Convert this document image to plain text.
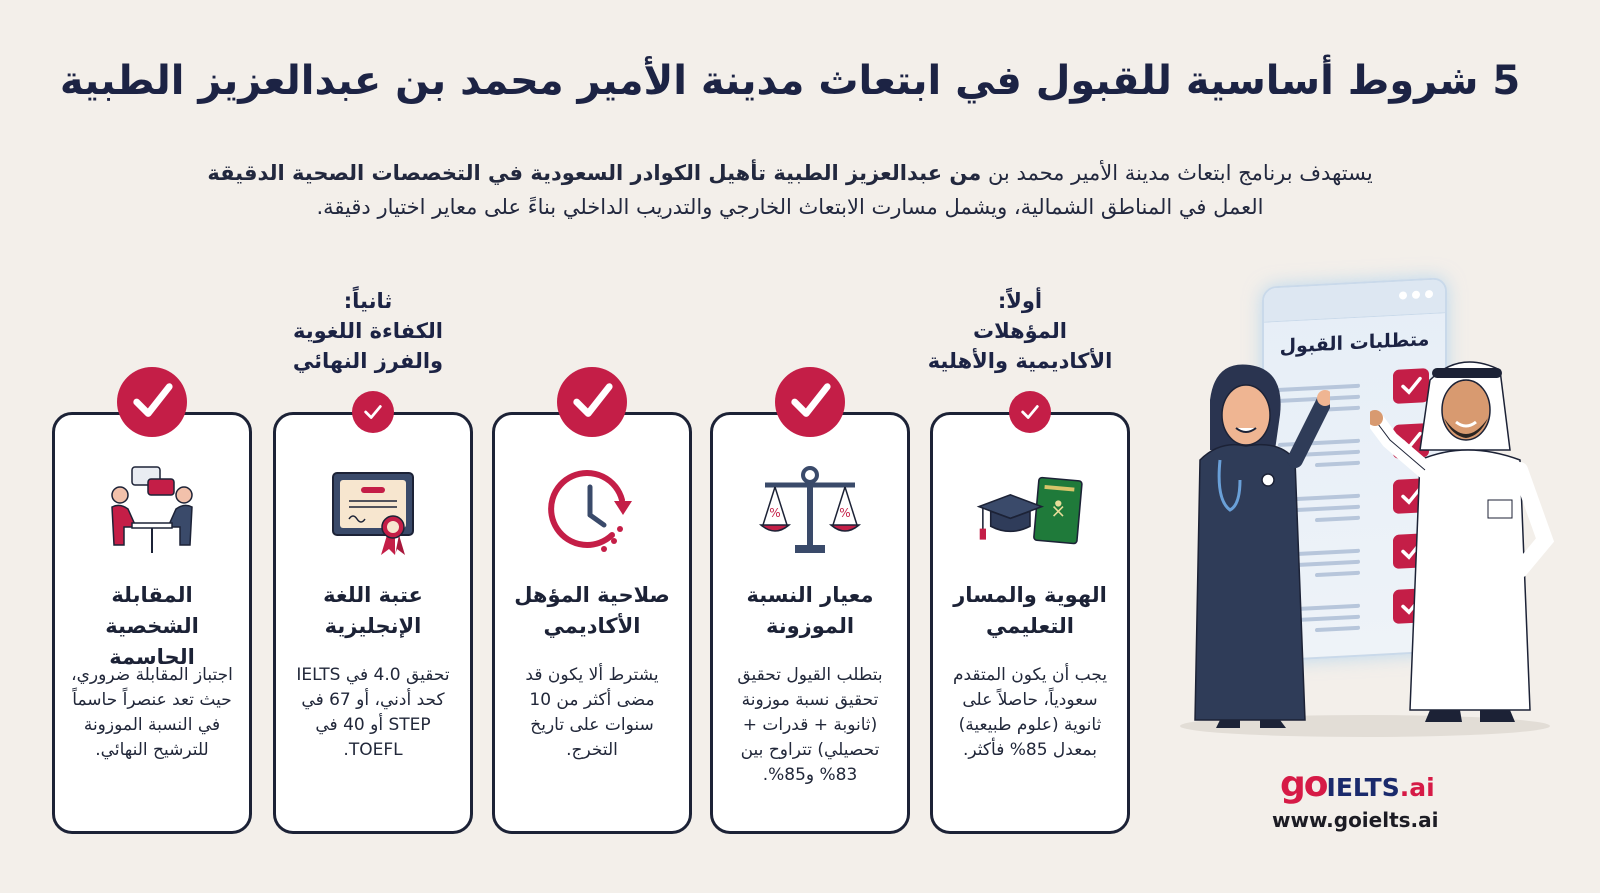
5 شروط أساسية للقبول في ابتعاث مدينة الأمير محمد بن عبدالعزيز الطبية

يستهدف برنامج ابتعاث مدينة الأمير محمد بن من عبدالعزيز الطبية تأهيل الكوادر السعودية في التخصصات الصحية الدقيقة
العمل في المناطق الشمالية، ويشمل مسارت الابتعاث الخارجي والتدريب الداخلي بناءً على معاير اختيار دقيقة.

أولاً:
المؤهلات
الأكاديمية والأهلية
ثانياً:
الكفاءة اللغوية
والفرز النهائي
الهوية والمسار
التعليمي
يجب أن يكون المتقدم سعودياً، حاصلاً على ثانوية (علوم طبيعية) بمعدل 85% فأكثر.
%	%
معيار النسبة
الموزونة
بتطلب القيول تحقيق تحقيق نسبة موزونة (ثانوبة + قدرات + تحصيلي) تتراوح بين 83% و85%.
صلاحية المؤهل
الأكاديمي
يشترط ألا يكون قد مضى أكثر من 10 سنوات على تاريخ التخرج.
عتبة اللغة
الإنجليزية
تحقيق 4.0 في IELTS كحد أدني، أو 67 في STEP أو 40 في TOEFL.
المقابلة الشخصية
الحاسمة
اجتباز المقابلة ضروري، حيث تعد عنصراً حاسماً في النسبة الموزونة للترشيح النهائي.
متطلبات القبول
go IELTS .ai
www.goielts.ai
